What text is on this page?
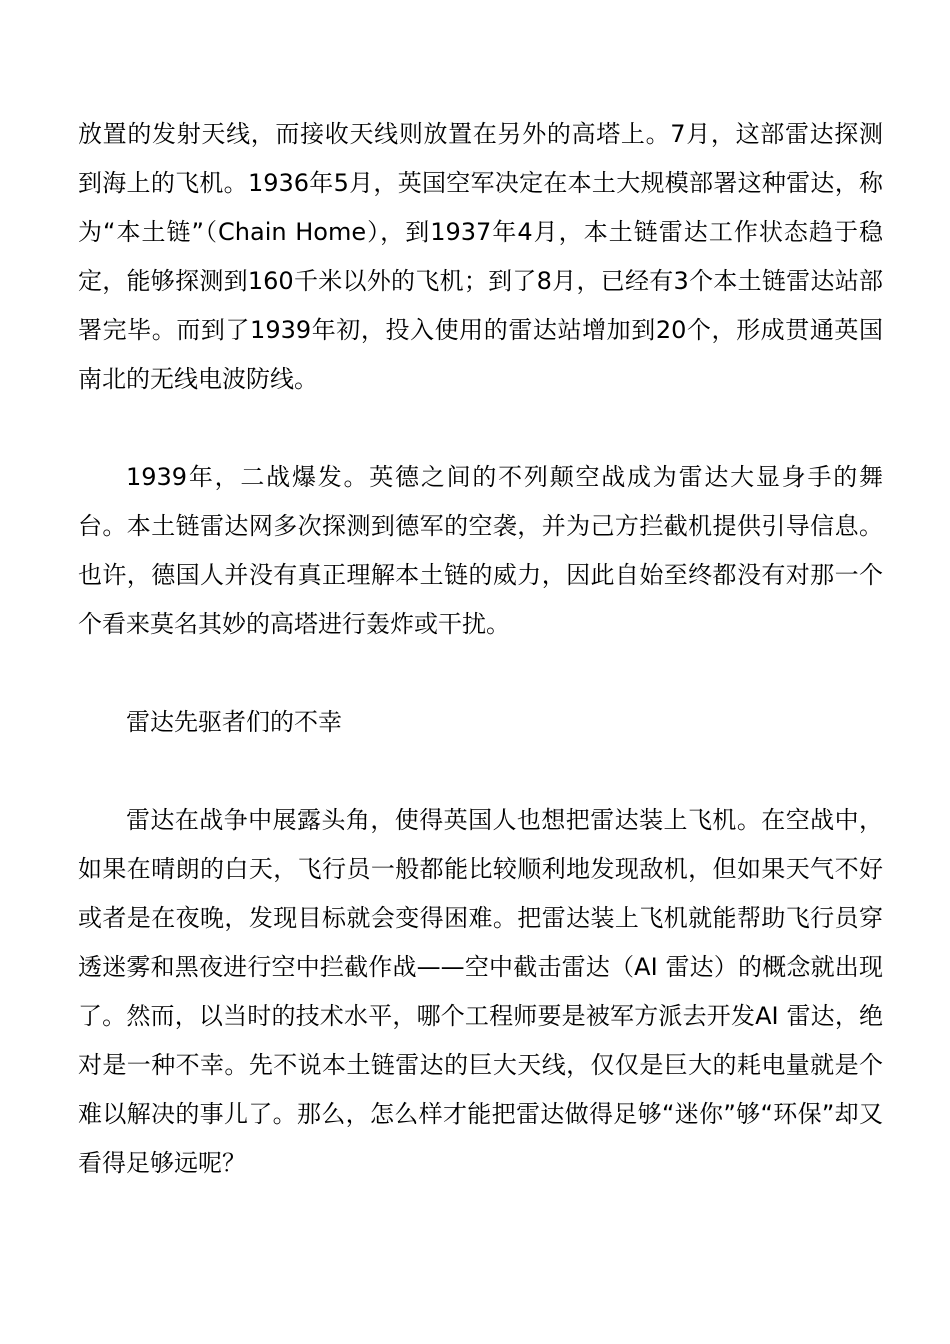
放置的发射天线，而接收天线则放置在另外的高塔上。7月，这部雷达探测到海上的飞机。1936年5月，英国空军决定在本土大规模部署这种雷达，称为“本土链”（Chain Home），到1937年4月，本土链雷达工作状态趋于稳定，能够探测到160千米以外的飞机；到了8月，已经有3个本土链雷达站部署完毕。而到了1939年初，投入使用的雷达站增加到20个，形成贯通英国南北的无线电波防线。

1939年，二战爆发。英德之间的不列颠空战成为雷达大显身手的舞台。本土链雷达网多次探测到德军的空袭，并为己方拦截机提供引导信息。也许，德国人并没有真正理解本土链的威力，因此自始至终都没有对那一个个看来莫名其妙的高塔进行轰炸或干扰。

雷达先驱者们的不幸

雷达在战争中展露头角，使得英国人也想把雷达装上飞机。在空战中，如果在晴朗的白天，飞行员一般都能比较顺利地发现敌机，但如果天气不好或者是在夜晚，发现目标就会变得困难。把雷达装上飞机就能帮助飞行员穿透迷雾和黑夜进行空中拦截作战——空中截击雷达（AI 雷达）的概念就出现了。然而，以当时的技术水平，哪个工程师要是被军方派去开发AI 雷达，绝对是一种不幸。先不说本土链雷达的巨大天线，仅仅是巨大的耗电量就是个难以解决的事儿了。那么，怎么样才能把雷达做得足够“迷你”够“环保”却又看得足够远呢？
